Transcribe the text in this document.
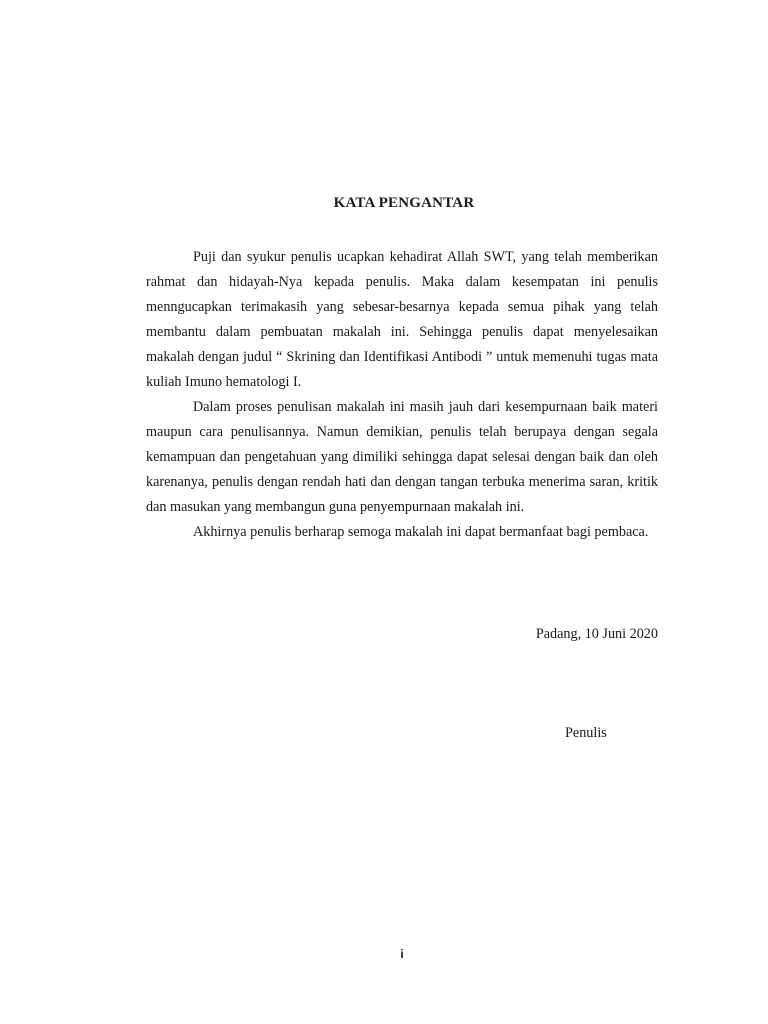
KATA PENGANTAR

Puji dan syukur penulis ucapkan kehadirat Allah SWT, yang telah memberikan rahmat dan hidayah-Nya kepada penulis. Maka dalam kesempatan ini penulis menngucapkan terimakasih yang sebesar-besarnya kepada semua pihak yang telah membantu dalam pembuatan makalah ini. Sehingga penulis dapat menyelesaikan makalah dengan judul “ Skrining dan Identifikasi Antibodi ” untuk memenuhi tugas mata kuliah Imuno hematologi I.

Dalam proses penulisan makalah ini masih jauh dari kesempurnaan baik materi maupun cara penulisannya. Namun demikian, penulis telah berupaya dengan segala kemampuan dan pengetahuan yang dimiliki sehingga dapat selesai dengan baik dan oleh karenanya, penulis dengan rendah hati dan dengan tangan terbuka menerima saran, kritik dan masukan yang membangun guna penyempurnaan makalah ini.

Akhirnya penulis berharap semoga makalah ini dapat bermanfaat bagi pembaca.

Padang, 10 Juni 2020
Penulis
i
